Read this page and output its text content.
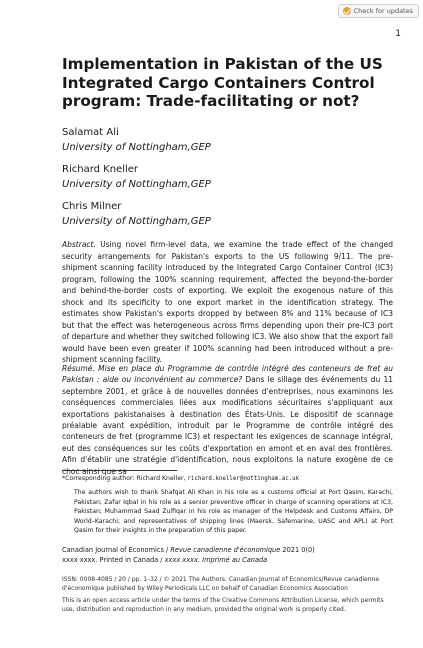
Check for updates
1
Implementation in Pakistan of the US Integrated Cargo Containers Control program: Trade-facilitating or not?
Salamat Ali
University of Nottingham,GEP
Richard Kneller
University of Nottingham,GEP
Chris Milner
University of Nottingham,GEP

Abstract. Using novel firm-level data, we examine the trade effect of the changed security arrangements for Pakistan's exports to the US following 9/11. The pre-shipment scanning facility introduced by the Integrated Cargo Container Control (IC3) program, following the 100% scanning requirement, affected the beyond-the-border and behind-the-border costs of exporting. We exploit the exogenous nature of this shock and its specificity to one export market in the identification strategy. The estimates show Pakistan's exports dropped by between 8% and 11% because of IC3 but that the effect was heterogeneous across firms depending upon their pre-IC3 port of departure and whether they switched following IC3. We also show that the export fall would have been even greater if 100% scanning had been introduced without a pre-shipment scanning facility.

Résumé. Mise en place du Programme de contrôle intégré des conteneurs de fret au Pakistan : aide ou inconvénient au commerce? Dans le sillage des événements du 11 septembre 2001, et grâce à de nouvelles données d'entreprises, nous examinons les conséquences commerciales liées aux modifications sécuritaires s'appliquant aux exportations pakistanaises à destination des États-Unis. Le dispositif de scannage préalable avant expédition, introduit par le Programme de contrôle intégré des conteneurs de fret (programme IC3) et respectant les exigences de scannage intégral, eut des conséquences sur les coûts d'exportation en amont et en aval des frontières. Afin d'établir une stratégie d'identification, nous exploitons la nature exogène de ce choc ainsi que sa

*Corresponding author: Richard Kneller, richard.kneller@nottingham.ac.uk

The authors wish to thank Shafqat Ali Khan in his role as a customs official at Port Qasim, Karachi, Pakistan; Zafar Iqbal in his role as a senior preventive officer in charge of scanning operations at IC3, Pakistan; Muhammad Saad Zulfiqar in his role as manager of the Helpdesk and Customs Affairs, DP World–Karachi; and representatives of shipping lines (Maersk, Safemarine, UASC and APL) at Port Qasim for their insights in the preparation of this paper.

Canadian Journal of Economics / Revue canadienne d'économique 2021 0(0)
xxxx xxxx. Printed in Canada / xxxx xxxx. Imprimé au Canada

ISSN: 0008-4085 / 20 / pp. 1–32 / © 2021 The Authors. Canadian Journal of Economics/Revue canadienne d'économique published by Wiley Periodicals LLC on behalf of Canadian Economics Association

This is an open access article under the terms of the Creative Commons Attribution License, which permits use, distribution and reproduction in any medium, provided the original work is properly cited.
